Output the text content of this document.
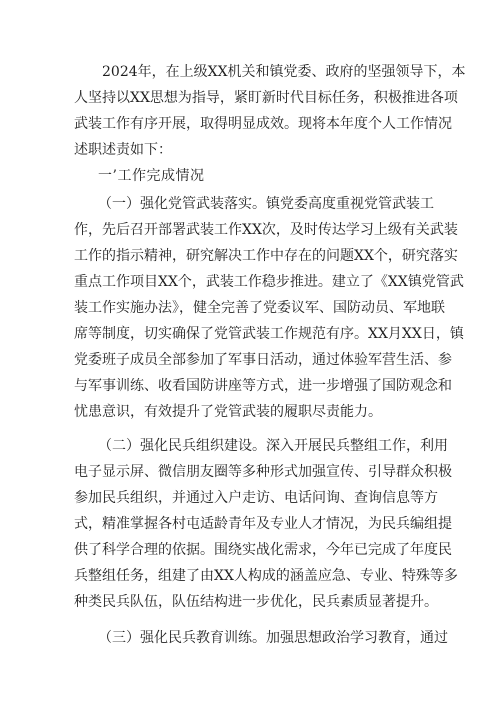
2024年，在上级XX机关和镇党委、政府的坚强领导下，本
人坚持以XX思想为指导，紧盯新时代目标任务，积极推进各项
武装工作有序开展，取得明显成效。现将本年度个人工作情况
述职述责如下：
一’工作完成情况
（一）强化党管武装落实。镇党委高度重视党管武装工
作，先后召开部署武装工作XX次，及时传达学习上级有关武装
工作的指示精神，研究解决工作中存在的问题XX个，研究落实
重点工作项目XX个，武装工作稳步推进。建立了《XX镇党管武
装工作实施办法》，健全完善了党委议军、国防动员、军地联
席等制度，切实确保了党管武装工作规范有序。XX月XX日，镇
党委班子成员全部参加了军事日活动，通过体验军营生活、参
与军事训练、收看国防讲座等方式，进一步增强了国防观念和
忧患意识，有效提升了党管武装的履职尽责能力。
（二）强化民兵组织建设。深入开展民兵整组工作，利用
电子显示屏、微信朋友圈等多种形式加强宣传、引导群众积极
参加民兵组织，并通过入户走访、电话问询、查询信息等方
式，精准掌握各村屯适龄青年及专业人才情况，为民兵编组提
供了科学合理的依据。围绕实战化需求，今年已完成了年度民
兵整组任务，组建了由XX人构成的涵盖应急、专业、特殊等多
种类民兵队伍，队伍结构进一步优化，民兵素质显著提升。
（三）强化民兵教育训练。加强思想政治学习教育，通过
